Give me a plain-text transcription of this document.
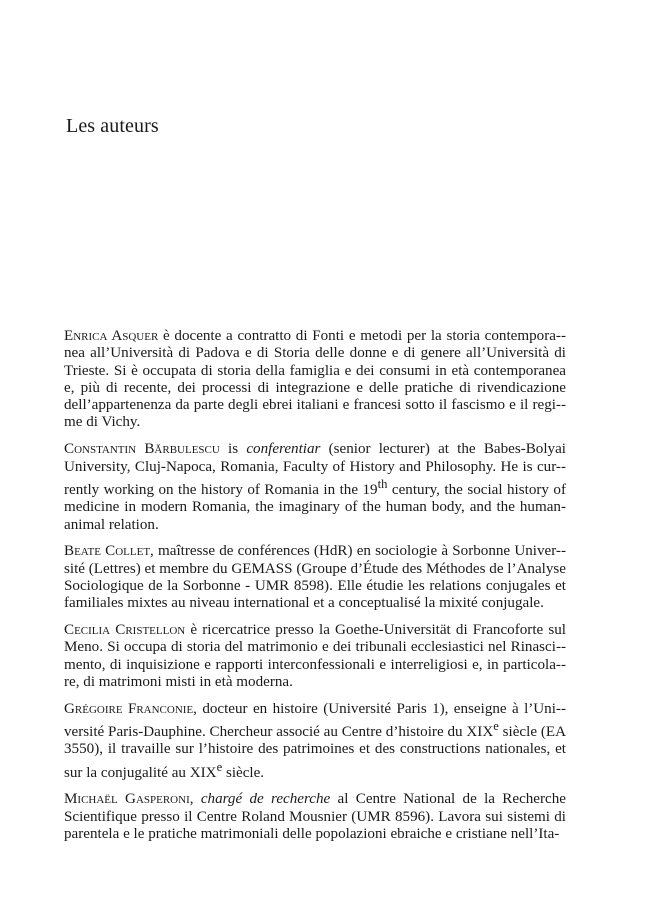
Les auteurs

Enrica Asquer è docente a contratto di Fonti e metodi per la storia contempora-nea all’Università di Padova e di Storia delle donne e di genere all’Università di Trieste. Si è occupata di storia della famiglia e dei consumi in età contemporanea e, più di recente, dei processi di integrazione e delle pratiche di rivendicazione dell’appartenenza da parte degli ebrei italiani e francesi sotto il fascismo e il regi-me di Vichy.

Constantin Bărbulescu is conferentiar (senior lecturer) at the Babes-Bolyai University, Cluj-Napoca, Romania, Faculty of History and Philosophy. He is cur-rently working on the history of Romania in the 19th century, the social history of medicine in modern Romania, the imaginary of the human body, and the human-animal relation.

Beate Collet, maîtresse de conférences (HdR) en sociologie à Sorbonne Univer-sité (Lettres) et membre du GEMASS (Groupe d’Étude des Méthodes de l’Analyse Sociologique de la Sorbonne - UMR 8598). Elle étudie les relations conjugales et familiales mixtes au niveau international et a conceptualisé la mixité conjugale.

Cecilia Cristellon è ricercatrice presso la Goethe-Universität di Francoforte sul Meno. Si occupa di storia del matrimonio e dei tribunali ecclesiastici nel Rinasci-mento, di inquisizione e rapporti interconfessionali e interreligiosi e, in particola-re, di matrimoni misti in età moderna.

Grégoire Franconie, docteur en histoire (Université Paris 1), enseigne à l’Uni-versité Paris-Dauphine. Chercheur associé au Centre d’histoire du XIXe siècle (EA 3550), il travaille sur l’histoire des patrimoines et des constructions nationales, et sur la conjugalité au XIXe siècle.

Michaël Gasperoni, chargé de recherche al Centre National de la Recherche Scientifique presso il Centre Roland Mousnier (UMR 8596). Lavora sui sistemi di parentela e le pratiche matrimoniali delle popolazioni ebraiche e cristiane nell’Ita-
